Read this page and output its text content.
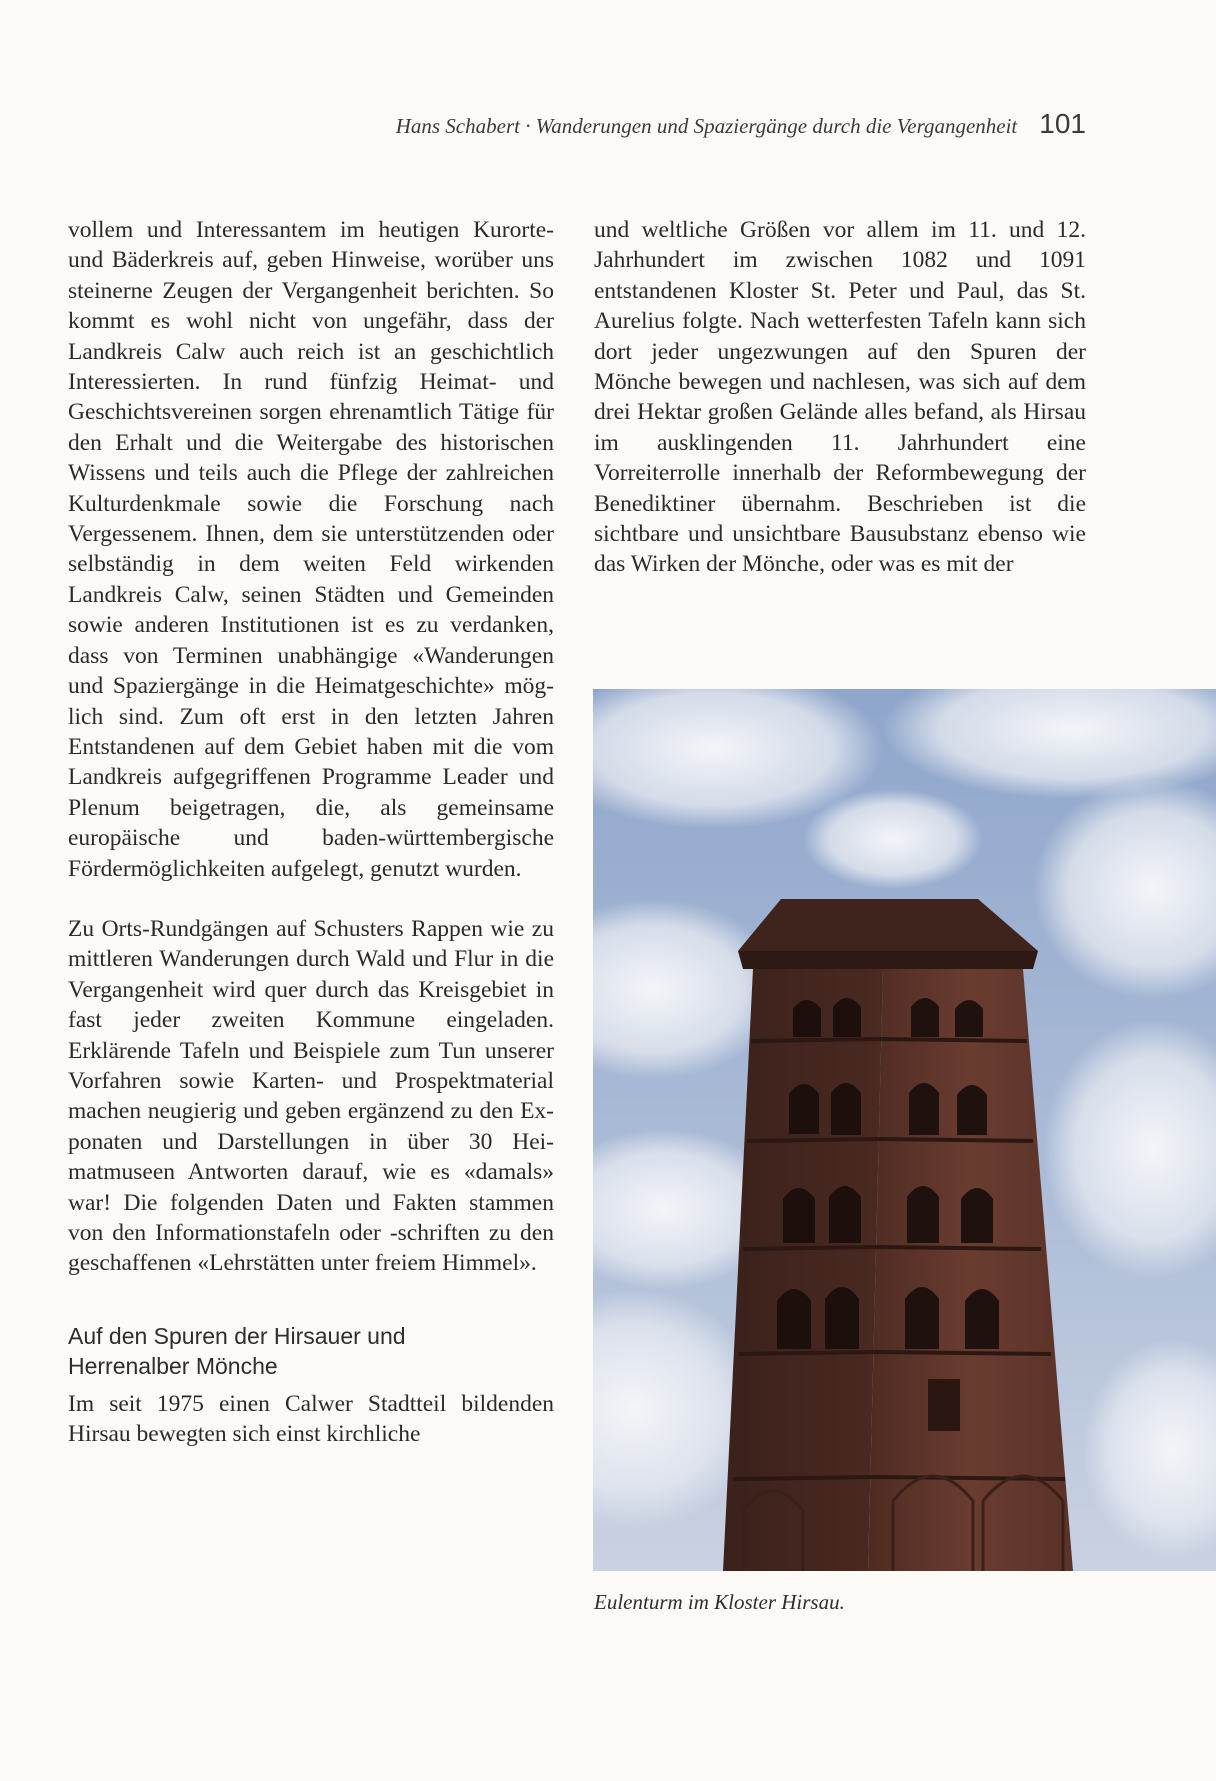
Hans Schabert · Wanderungen und Spaziergänge durch die Vergangenheit 101

vollem und Interessantem im heutigen Kurorte- und Bäderkreis auf, geben Hinweise, worüber uns steinerne Zeugen der Vergangenheit berichten. So kommt es wohl nicht von ungefähr, dass der Landkreis Calw auch reich ist an geschichtlich Interessierten. In rund fünfzig Heimat- und Geschichtsvereinen sorgen ehrenamtlich Tätige für den Erhalt und die Weitergabe des historischen Wissens und teils auch die Pflege der zahlreichen Kulturdenkmale sowie die Forschung nach Vergessenem. Ihnen, dem sie unterstützenden oder selbständig in dem weiten Feld wirkenden Landkreis Calw, seinen Städten und Gemeinden sowie anderen Institutionen ist es zu verdanken, dass von Terminen unabhängige «Wanderungen und Spaziergänge in die Heimatgeschichte» möglich sind. Zum oft erst in den letzten Jahren Entstandenen auf dem Gebiet haben mit die vom Landkreis aufgegriffenen Programme Leader und Plenum beigetragen, die, als gemeinsame europäische und baden-württembergische Fördermöglichkeiten aufgelegt, genutzt wurden.

Zu Orts-Rundgängen auf Schusters Rappen wie zu mittleren Wanderungen durch Wald und Flur in die Vergangenheit wird quer durch das Kreisgebiet in fast jeder zweiten Kommune eingeladen. Erklärende Tafeln und Beispiele zum Tun unserer Vorfahren sowie Karten- und Prospektmaterial machen neugierig und geben ergänzend zu den Exponaten und Darstellungen in über 30 Heimatmuseen Antworten darauf, wie es «damals» war! Die folgenden Daten und Fakten stammen von den Informationstafeln oder -schriften zu den geschaffenen «Lehrstätten unter freiem Himmel».

Auf den Spuren der Hirsauer und
Herrenalber Mönche

Im seit 1975 einen Calwer Stadtteil bildenden Hirsau bewegten sich einst kirchliche

und weltliche Größen vor allem im 11. und 12. Jahrhundert im zwischen 1082 und 1091 entstandenen Kloster St. Peter und Paul, das St. Aurelius folgte. Nach wetterfesten Tafeln kann sich dort jeder ungezwungen auf den Spuren der Mönche bewegen und nachlesen, was sich auf dem drei Hektar großen Gelände alles befand, als Hirsau im ausklingenden 11. Jahrhundert eine Vorreiterrolle innerhalb der Reformbewegung der Benediktiner übernahm. Beschrieben ist die sichtbare und unsichtbare Bausubstanz ebenso wie das Wirken der Mönche, oder was es mit der

Eulenturm im Kloster Hirsau.
